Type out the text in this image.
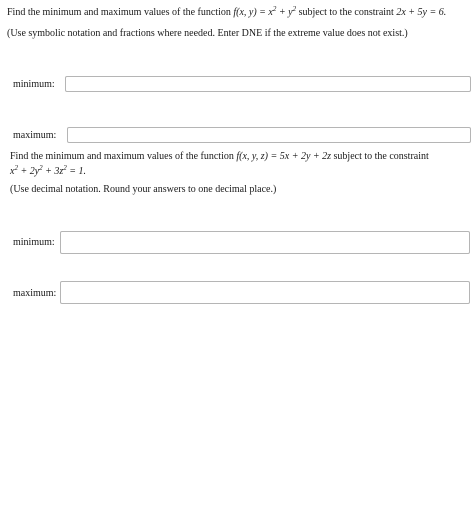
Find the minimum and maximum values of the function f(x, $y) = x^2 + y^2$ subject to the constraint 2x + 5y = 6.
(Use symbolic notation and fractions where needed. Enter DNE if the extreme value does not exist.)
minimum:
maximum:
Find the minimum and maximum values of the function f(x, y, z) = 5x + 2y + 2z subject to the constraint
$x^2 + 2y^2 + 3z^2 = 1$.
(Use decimal notation. Round your answers to one decimal place.)
minimum:
maximum:
